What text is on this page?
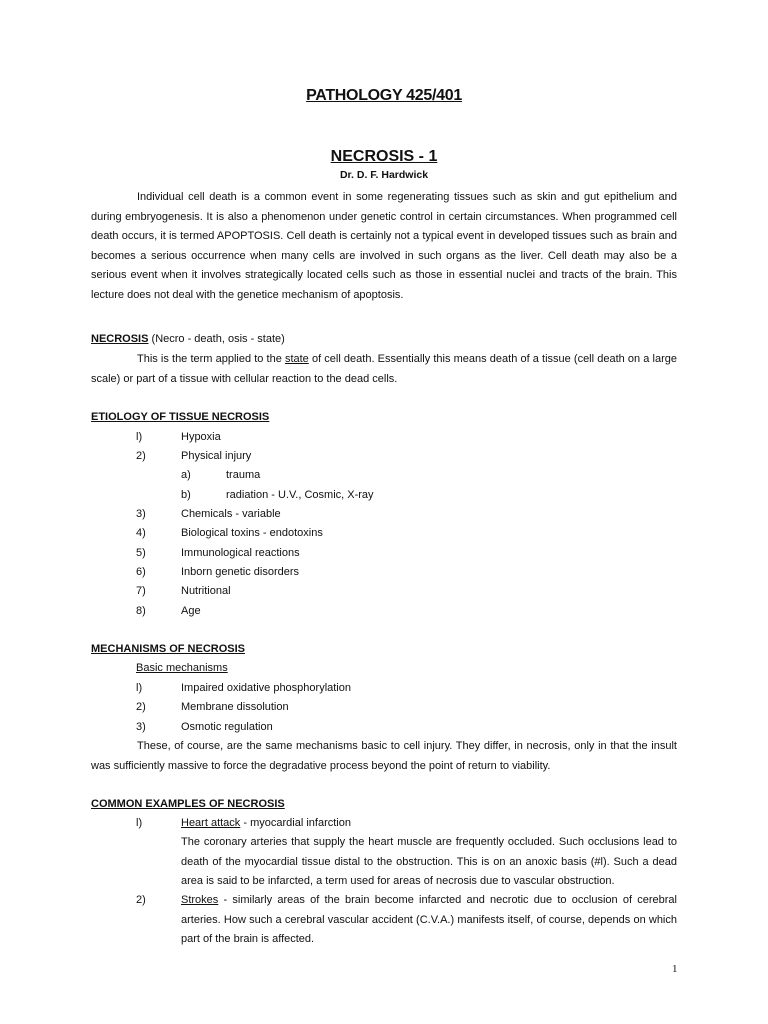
PATHOLOGY 425/401
NECROSIS - 1
Dr. D. F. Hardwick
Individual cell death is a common event in some regenerating tissues such as skin and gut epithelium and during embryogenesis. It is also a phenomenon under genetic control in certain circumstances. When programmed cell death occurs, it is termed APOPTOSIS. Cell death is certainly not a typical event in developed tissues such as brain and becomes a serious occurrence when many cells are involved in such organs as the liver. Cell death may also be a serious event when it involves strategically located cells such as those in essential nuclei and tracts of the brain. This lecture does not deal with the genetice mechanism of apoptosis.
NECROSIS (Necro - death, osis - state)
This is the term applied to the state of cell death. Essentially this means death of a tissue (cell death on a large scale) or part of a tissue with cellular reaction to the dead cells.
ETIOLOGY OF TISSUE NECROSIS
l)	Hypoxia
2)	Physical injury
a)	trauma
b)	radiation - U.V., Cosmic, X-ray
3)	Chemicals - variable
4)	Biological toxins - endotoxins
5)	Immunological reactions
6)	Inborn genetic disorders
7)	Nutritional
8)	Age
MECHANISMS OF NECROSIS
Basic mechanisms
l)	Impaired oxidative phosphorylation
2)	Membrane dissolution
3)	Osmotic regulation
These, of course, are the same mechanisms basic to cell injury. They differ, in necrosis, only in that the insult was sufficiently massive to force the degradative process beyond the point of return to viability.
COMMON EXAMPLES OF NECROSIS
l)	Heart attack - myocardial infarction
The coronary arteries that supply the heart muscle are frequently occluded. Such occlusions lead to death of the myocardial tissue distal to the obstruction. This is on an anoxic basis (#l). Such a dead area is said to be infarcted, a term used for areas of necrosis due to vascular obstruction.
2)	Strokes - similarly areas of the brain become infarcted and necrotic due to occlusion of cerebral arteries. How such a cerebral vascular accident (C.V.A.) manifests itself, of course, depends on which part of the brain is affected.
1
